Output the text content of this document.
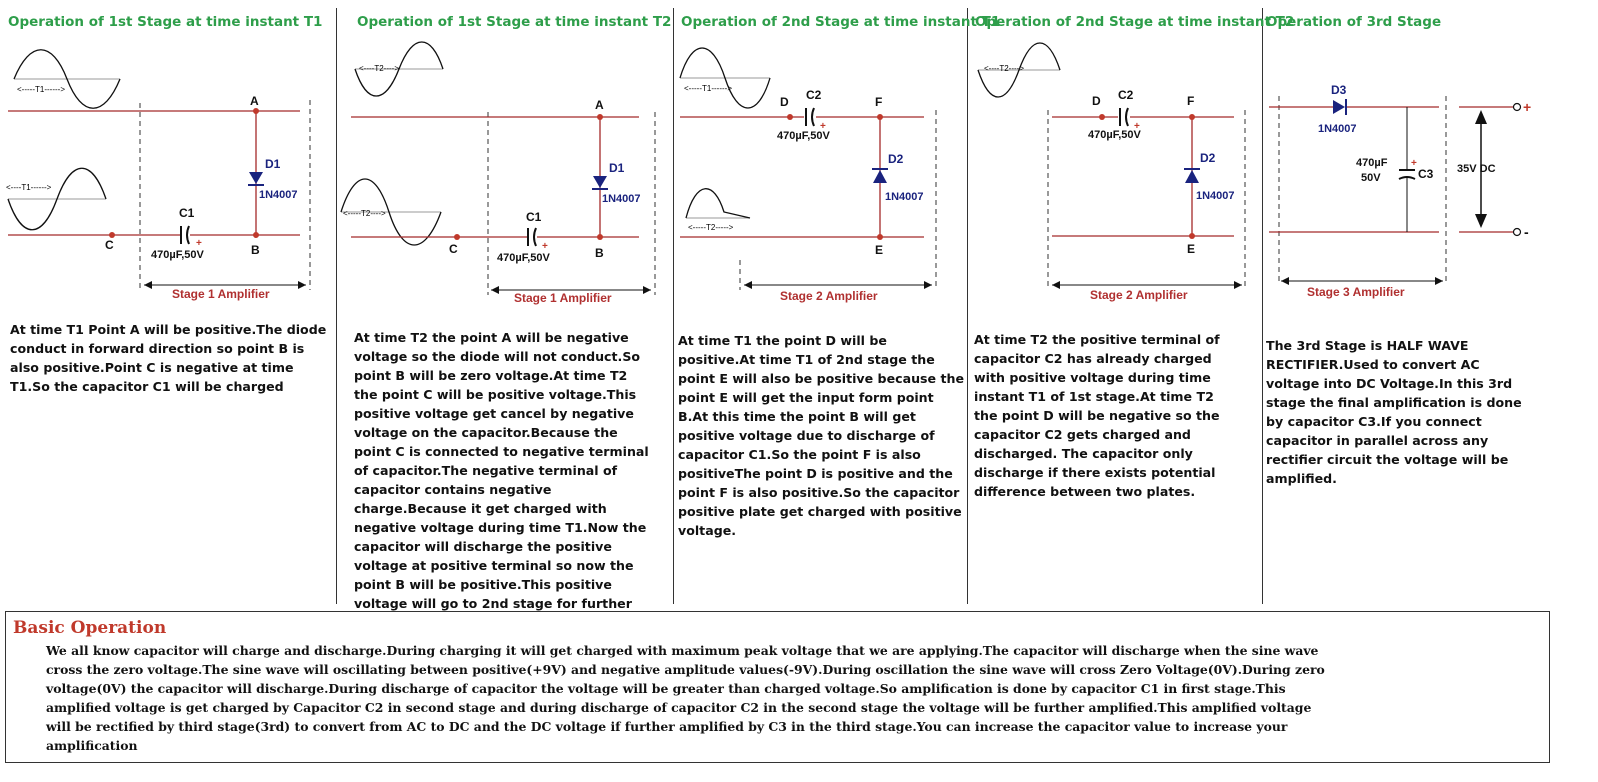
Operation of 1st Stage at time instant T1
<-----T1------>
<----T1------>
+
A
B
C
C1
470µF,50V
D1
1N4007
Stage 1 Amplifier
At time T1 Point A will be positive.The diode conduct in forward direction so point B is also positive.Point C is negative at time T1.So the capacitor C1 will be charged
Operation of 1st Stage at time instant T2
<----T2---->
<-----T2---->
+
A
B
C
C1
470µF,50V
D1
1N4007
Stage 1 Amplifier
At time T2 the point A will be negative voltage so the diode will not conduct.So point B will be zero voltage.At time T2 the point C will be positive voltage.This positive voltage get cancel by negative voltage on the capacitor.Because the point C is connected to negative terminal of capacitor.The negative terminal of capacitor contains negative charge.Because it get charged with negative voltage during time T1.Now the capacitor will discharge the positive voltage at positive terminal so now the point B will be positive.This positive voltage will go to 2nd stage for further
Operation of 2nd Stage at time instant T1
<-----T1------>
<-----T2----->
+
D	F
E
C2
470µF,50V
D2
1N4007
Stage 2 Amplifier
At time T1 the point D will be positive.At time T1 of 2nd stage the point E will also be positive because the point E will get the input form point B.At this time the point B will get positive voltage due to discharge of capacitor C1.So the point F is also positiveThe point D is positive and the point F is also positive.So the capacitor positive plate get charged with positive voltage.
Operation of 2nd Stage at time instant T2
<----T2---->
+
D	F
E
C2
470µF,50V
D2
1N4007
Stage 2 Amplifier
At time T2 the positive terminal of capacitor C2 has already charged with positive voltage during time instant T1 of 1st stage.At time T2 the point D will be negative so the capacitor C2 gets charged and discharged. The capacitor only discharge if there exists potential difference between two plates.
Operation of 3rd Stage
+
+
-
D3
1N4007
470µF
50V	C3 35V DC
Stage 3 Amplifier
The 3rd Stage is HALF WAVE RECTIFIER.Used to convert AC voltage into DC Voltage.In this 3rd stage the final amplification is done by capacitor C3.If you connect capacitor in parallel across any rectifier circuit the voltage will be amplified.
Basic Operation
We all know capacitor will charge and discharge.During charging it will get charged with maximum peak voltage that we are applying.The capacitor will discharge when the sine wave cross the zero voltage.The sine wave will oscillating between positive(+9V) and negative amplitude values(-9V).During oscillation the sine wave will cross Zero Voltage(0V).During zero voltage(0V) the capacitor will discharge.During discharge of capacitor the voltage will be greater than charged voltage.So amplification is done by capacitor C1 in first stage.This amplified voltage is get charged by Capacitor C2 in second stage and during discharge of capacitor C2 in the second stage the voltage will be further amplified.This amplified voltage will be rectified by third stage(3rd) to convert from AC to DC and the DC voltage if further amplified by C3 in the third stage.You can increase the capacitor value to increase your amplification
